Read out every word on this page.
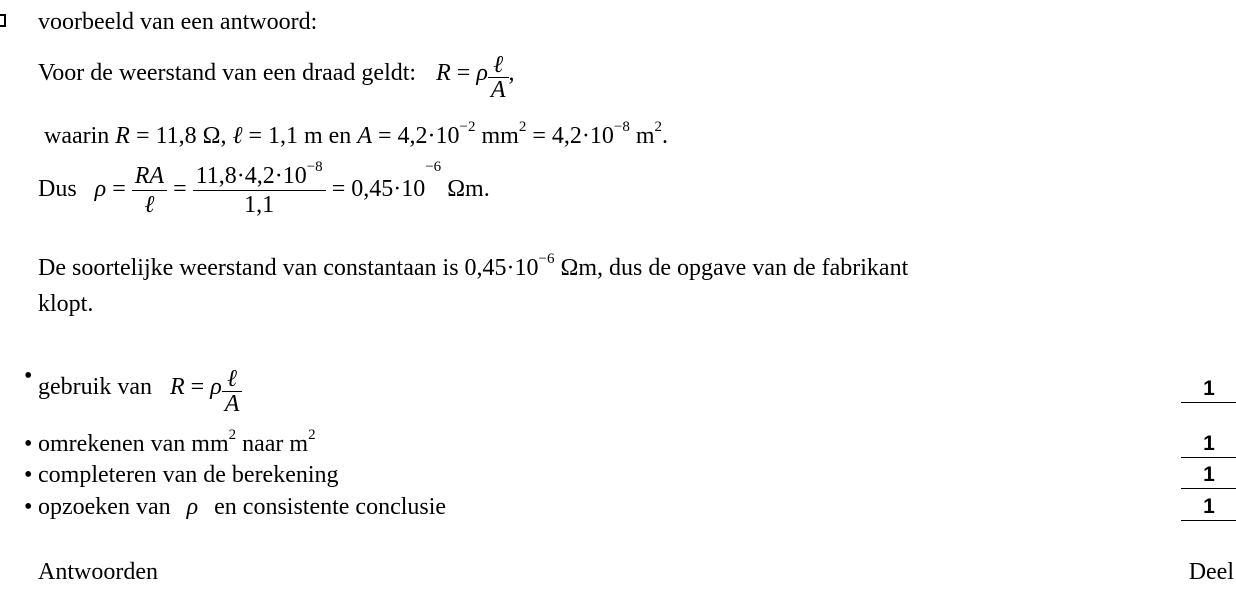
voorbeeld van een antwoord:
Voor de weerstand van een draad geldt: R = ρ $\frac{\text{ℓ}}{A}$ ,
waarin R = 11,8 Ω, ℓ = 1,1 m en $A = 4,2\cdot 10^{-2}$ $mm^2 = 4,2\cdot 10^{-8}$ $m^2$.
Dus $\rho = \frac{RA}{\text{ℓ}} = \frac{11,8\cdot 4,2\cdot 10^{-8}}{1,1} = 0,45\cdot 10^{-6}$ Ωm.
De soortelijke weerstand van constantaan is $0,45\cdot 10^{-6}$ Ωm, dus de opgave van de fabrikant
klopt.
• gebruik van R = ρ $\frac{\text{ℓ}}{A}$	1
• omrekenen van $mm^2$ naar $m^2$	1
• completeren van de berekening	1
• opzoeken van ρ en consistente conclusie	1
Antwoorden	Deel
